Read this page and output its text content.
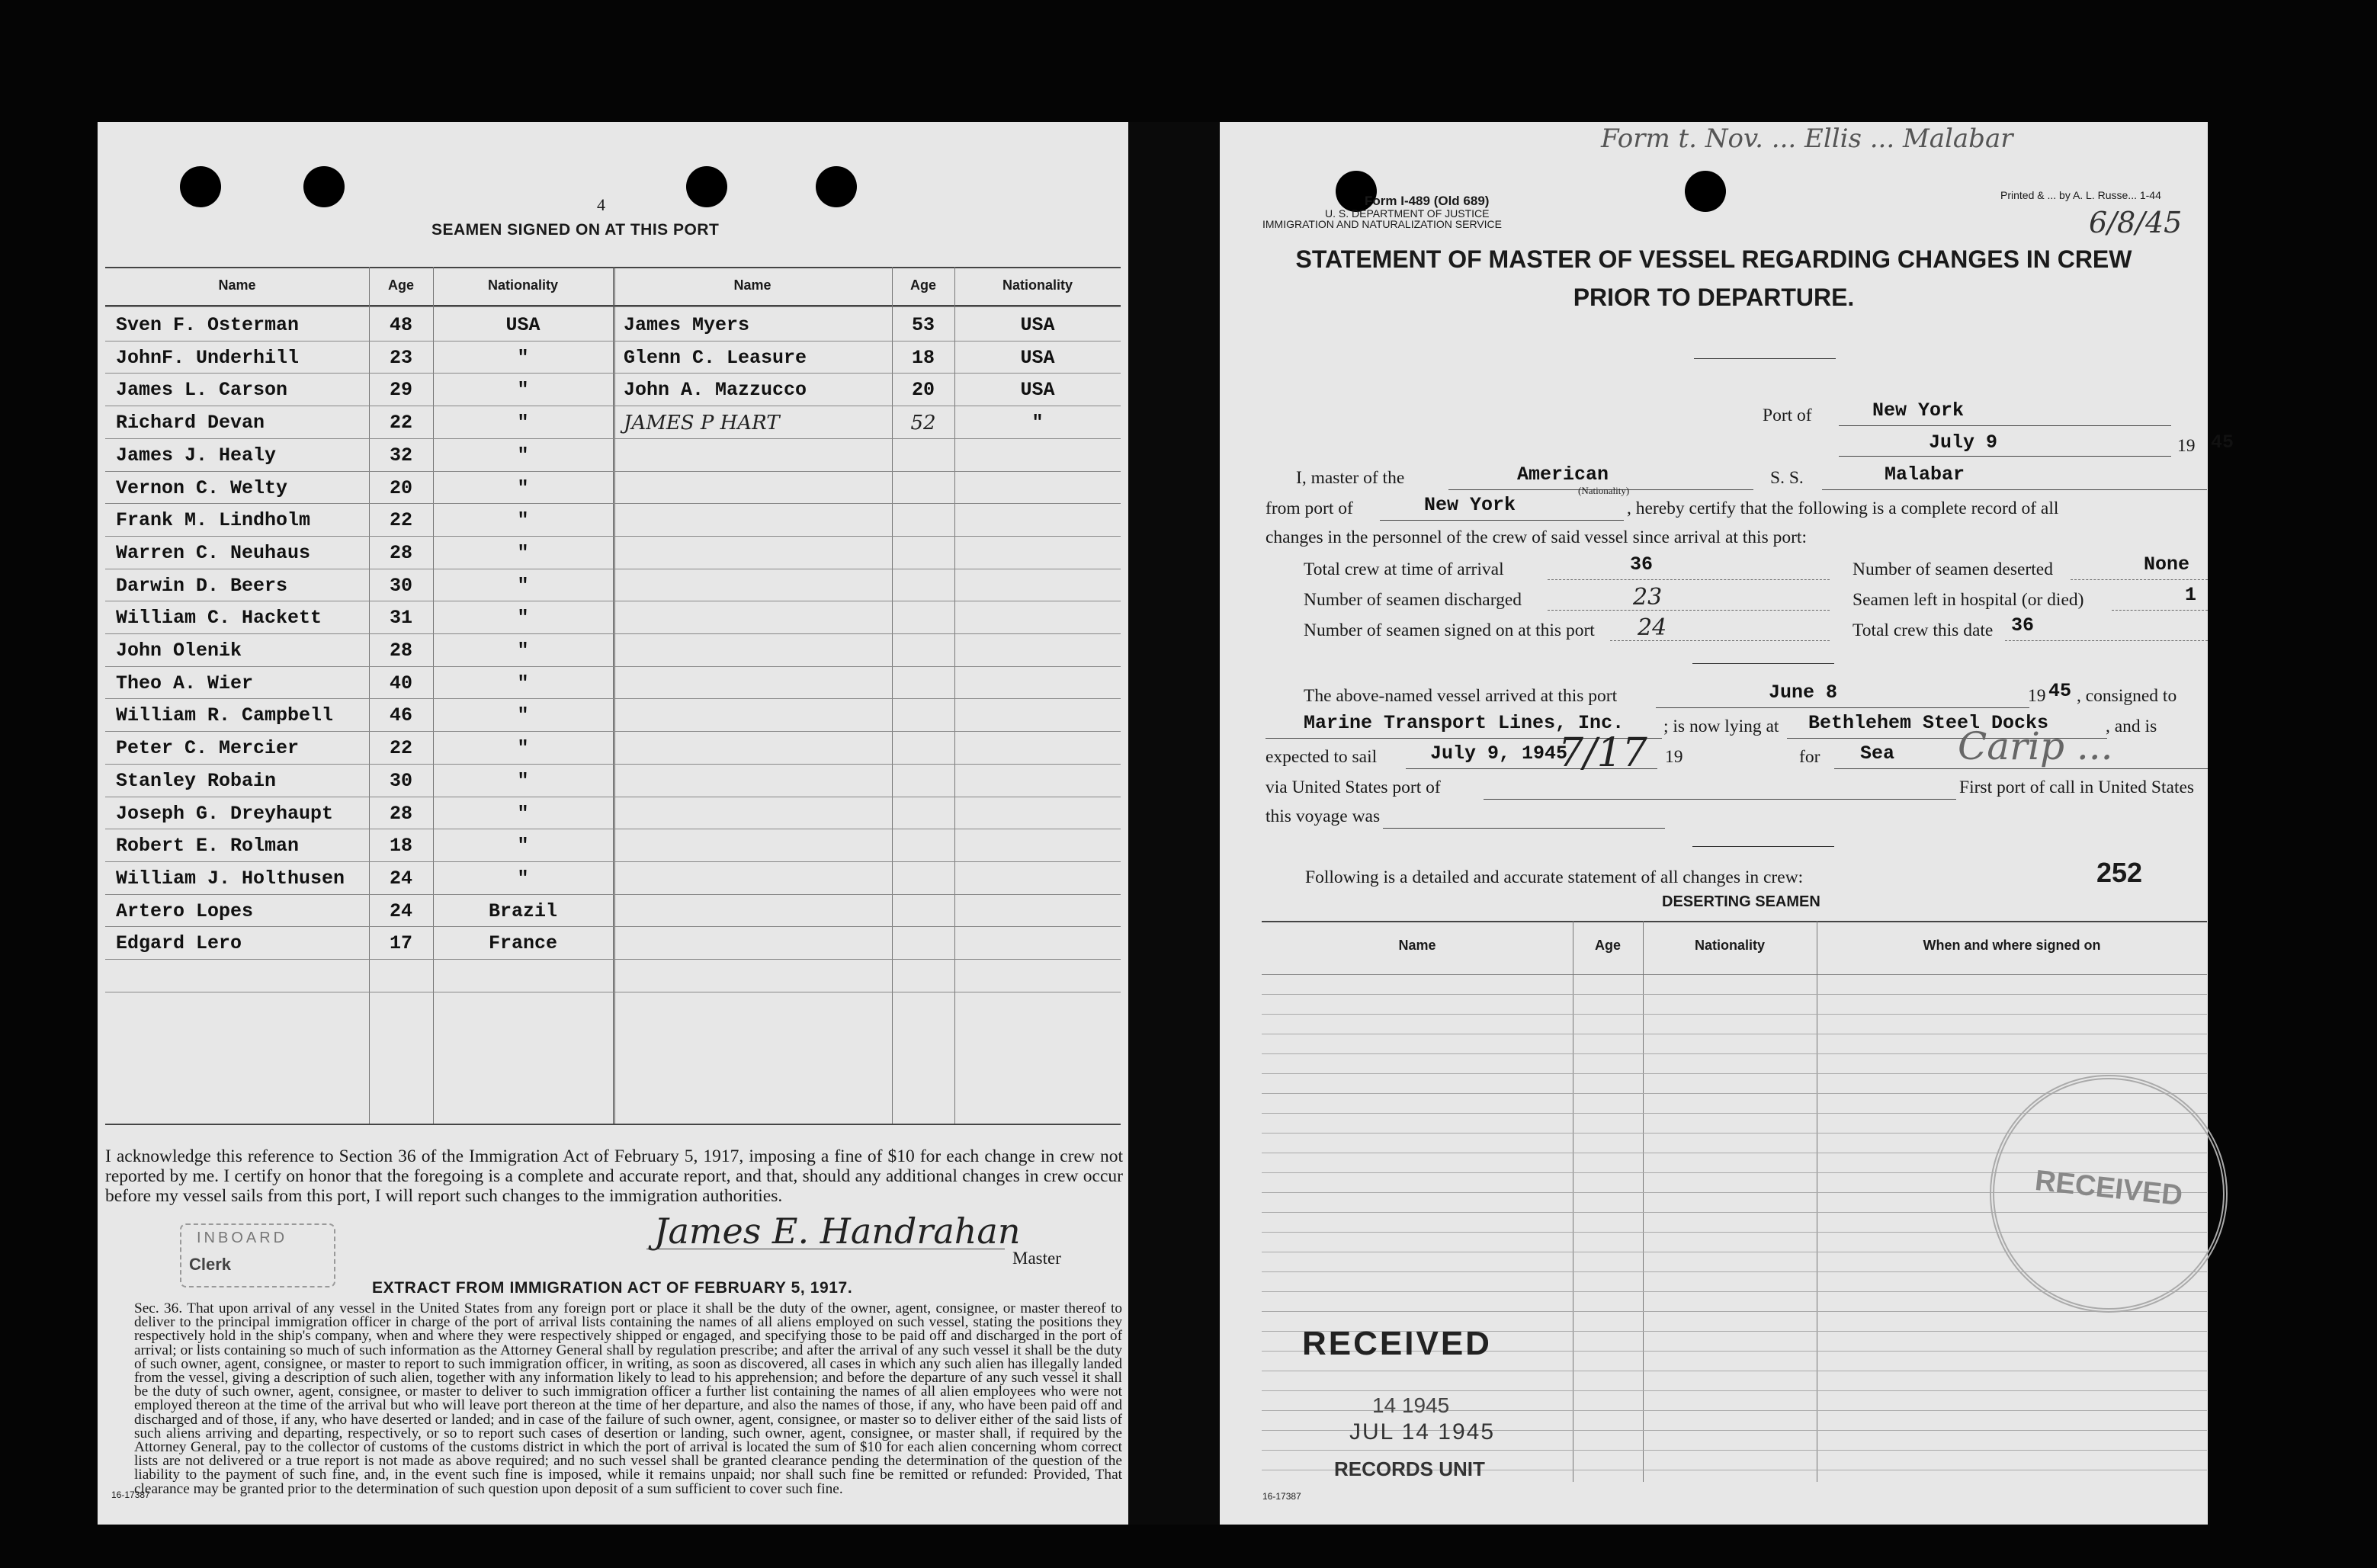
4
SEAMEN SIGNED ON AT THIS PORT
Name	Age	Nationality	Name	Age	Nationality
Sven F. Osterman	48	USA
JohnF. Underhill	23	"
James L. Carson	29	"
Richard Devan	22	"
James J. Healy	32	"
Vernon C. Welty	20	"
Frank M. Lindholm	22	"
Warren C. Neuhaus	28	"
Darwin D. Beers	30	"
William C. Hackett	31	"
John Olenik	28	"
Theo A. Wier	40	"
William R. Campbell	46	"
Peter C. Mercier	22	"
Stanley Robain	30	"
Joseph G. Dreyhaupt	28	"
Robert E. Rolman	18	"
William J. Holthusen	24	"
Artero Lopes	24	Brazil
Edgard Lero	17	France
James Myers	53	USA
Glenn C. Leasure	18	USA
John A. Mazzucco	20	USA
JAMES P HART	52	"
I acknowledge this reference to Section 36 of the Immigration Act of February 5, 1917, imposing a fine of $10 for each change in crew not reported by me. I certify on honor that the foregoing is a complete and accurate report, and that, should any additional changes in crew occur before my vessel sails from this port, I will report such changes to the immigration authorities.
INBOARD
Clerk
James E. Handrahan
Master
EXTRACT FROM IMMIGRATION ACT OF FEBRUARY 5, 1917.
Sec. 36. That upon arrival of any vessel in the United States from any foreign port or place it shall be the duty of the owner, agent, consignee, or master thereof to deliver to the principal immigration officer in charge of the port of arrival lists containing the names of all aliens employed on such vessel, stating the positions they respectively hold in the ship's company, when and where they were respectively shipped or engaged, and specifying those to be paid off and discharged in the port of arrival; or lists containing so much of such information as the Attorney General shall by regulation prescribe; and after the arrival of any such vessel it shall be the duty of such owner, agent, consignee, or master to report to such immigration officer, in writing, as soon as discovered, all cases in which any such alien has illegally landed from the vessel, giving a description of such alien, together with any information likely to lead to his apprehension; and before the departure of any such vessel it shall be the duty of such owner, agent, consignee, or master to deliver to such immigration officer a further list containing the names of all alien employees who were not employed thereon at the time of the arrival but who will leave port thereon at the time of her departure, and also the names of those, if any, who have been paid off and discharged and of those, if any, who have deserted or landed; and in case of the failure of such owner, agent, consignee, or master so to deliver either of the said lists of such aliens arriving and departing, respectively, or so to report such cases of desertion or landing, such owner, agent, consignee, or master shall, if required by the Attorney General, pay to the collector of customs of the customs district in which the port of arrival is located the sum of $10 for each alien concerning whom correct lists are not delivered or a true report is not made as above required; and no such vessel shall be granted clearance pending the determination of the question of the liability to the payment of such fine, and, in the event such fine is imposed, while it remains unpaid; nor shall such fine be remitted or refunded: Provided, That clearance may be granted prior to the determination of such question upon deposit of a sum sufficient to cover such fine.
16-17387
Form t. Nov. ... Ellis ... Malabar
6/8/45
Form I-489 (Old 689)
U. S. DEPARTMENT OF JUSTICE
IMMIGRATION AND NATURALIZATION SERVICE
Printed & ... by A. L. Russe... 1-44
STATEMENT OF MASTER OF VESSEL REGARDING CHANGES IN CREW
PRIOR TO DEPARTURE.
Port of	New York
July 9	19 45
I, master of the	American
(Nationality)
S. S.	Malabar
from port of	New York	, hereby certify that the following is a complete record of all
changes in the personnel of the crew of said vessel since arrival at this port:
Total crew at time of arrival	36	Number of seamen deserted	None
Number of seamen discharged	23	Seamen left in hospital (or died)	1
Number of seamen signed on at this port 24	Total crew this date 36
The above-named vessel arrived at this port	June 8	19 45 , consigned to
Marine Transport Lines, Inc. ; is now lying at Bethlehem Steel Docks	, and is
expected to sail	July 9, 1945
7/17 19	for Sea Carip ...
via United States port of	First port of call in United States
this voyage was
Following is a detailed and accurate statement of all changes in crew:	252
DESERTING SEAMEN
Name	Age	Nationality	When and where signed on
RECEIVED
RECEIVED
14 1945
JUL 14 1945
RECORDS UNIT
16-17387
